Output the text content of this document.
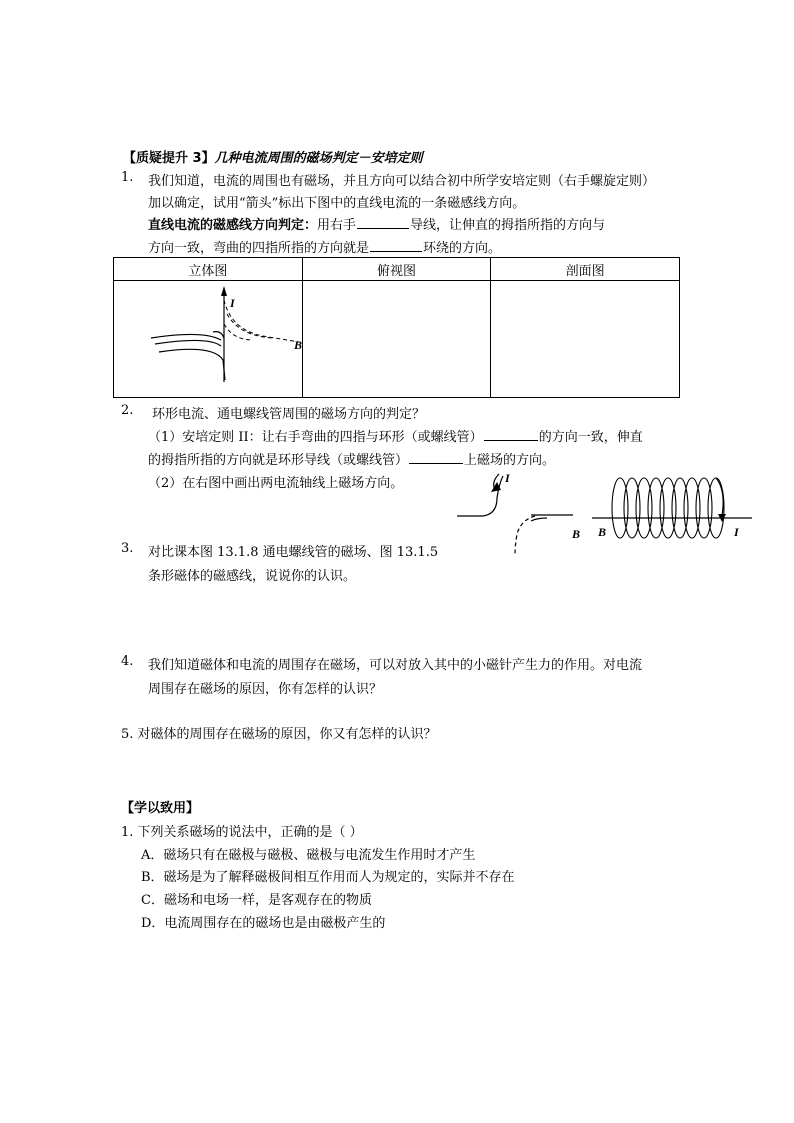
【质疑提升 3】几种电流周围的磁场判定－安培定则
1. 我们知道，电流的周围也有磁场，并且方向可以结合初中所学安培定则（右手螺旋定则）
加以确定，试用“箭头”标出下图中的直线电流的一条磁感线方向。
直线电流的磁感线方向判定：用右手	导线，让伸直的拇指所指的方向与
方向一致，弯曲的四指所指的方向就是	环绕的方向。
立体图	俯视图	剖面图

I
B
2. 环形电流、通电螺线管周围的磁场方向的判定？
（1）安培定则 II：让右手弯曲的四指与环形（或螺线管）	的方向一致，伸直
的拇指所指的方向就是环形导线（或螺线管）	上磁场的方向。
（2）在右图中画出两电流轴线上磁场方向。	I
B B	I
3. 对比课本图 13.1.8 通电螺线管的磁场、图 13.1.5
条形磁体的磁感线，说说你的认识。
4. 我们知道磁体和电流的周围存在磁场，可以对放入其中的小磁针产生力的作用。对电流
周围存在磁场的原因，你有怎样的认识？
5. 对磁体的周围存在磁场的原因，你又有怎样的认识？
【学以致用】
1. 下列关系磁场的说法中，正确的是（ ）
A．磁场只有在磁极与磁极、磁极与电流发生作用时才产生
B．磁场是为了解释磁极间相互作用而人为规定的，实际并不存在
C．磁场和电场一样，是客观存在的物质
D．电流周围存在的磁场也是由磁极产生的
